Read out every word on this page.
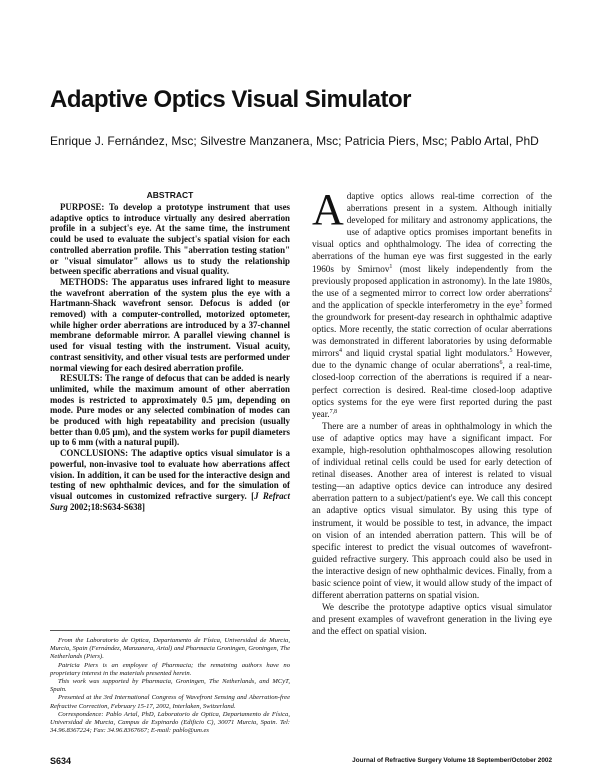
Adaptive Optics Visual Simulator

Enrique J. Fernández, Msc; Silvestre Manzanera, Msc; Patricia Piers, Msc; Pablo Artal, PhD

ABSTRACT

PURPOSE: To develop a prototype instrument that uses adaptive optics to introduce virtually any desired aberration profile in a subject's eye. At the same time, the instrument could be used to evaluate the subject's spatial vision for each controlled aberration profile. This "aberration testing station" or "visual simulator" allows us to study the relationship between specific aberrations and visual quality.

METHODS: The apparatus uses infrared light to measure the wavefront aberration of the system plus the eye with a Hartmann-Shack wavefront sensor. Defocus is added (or removed) with a computer-controlled, motorized optometer, while higher order aberrations are introduced by a 37-channel membrane deformable mirror. A parallel viewing channel is used for visual testing with the instrument. Visual acuity, contrast sensitivity, and other visual tests are performed under normal viewing for each desired aberration profile.

RESULTS: The range of defocus that can be added is nearly unlimited, while the maximum amount of other aberration modes is restricted to approximately 0.5 µm, depending on mode. Pure modes or any selected combination of modes can be produced with high repeatability and precision (usually better than 0.05 µm), and the system works for pupil diameters up to 6 mm (with a natural pupil).

CONCLUSIONS: The adaptive optics visual simulator is a powerful, non-invasive tool to evaluate how aberrations affect vision. In addition, it can be used for the interactive design and testing of new ophthalmic devices, and for the simulation of visual outcomes in customized refractive surgery. [J Refract Surg 2002;18:S634-S638]

From the Laboratorio de Optica, Departamento de Física, Universidad de Murcia, Murcia, Spain (Fernández, Manzanera, Artal) and Pharmacia Groningen, Groningen, The Netherlands (Piers).

Patricia Piers is an employee of Pharmacia; the remaining authors have no proprietary interest in the materials presented herein.

This work was supported by Pharmacia, Groningen, The Netherlands, and MCyT, Spain.

Presented at the 3rd International Congress of Wavefront Sensing and Aberration-free Refractive Correction, February 15-17, 2002, Interlaken, Switzerland.

Correspondence: Pablo Artal, PhD, Laboratorio de Optica, Departamento de Física, Universidad de Murcia, Campus de Espinardo (Edificio C), 30071 Murcia, Spain. Tel: 34.96.8367224; Fax: 34.96.8367667; E-mail: pablo@um.es

Adaptive optics allows real-time correction of the aberrations present in a system. Although initially developed for military and astronomy applications, the use of adaptive optics promises important benefits in visual optics and ophthalmology. The idea of correcting the aberrations of the human eye was first suggested in the early 1960s by Smirnov$^1$ (most likely independently from the previously proposed application in astronomy). In the late 1980s, the use of a segmented mirror to correct low order aberrations$^2$ and the application of speckle interferometry in the eye$^3$ formed the groundwork for present-day research in ophthalmic adaptive optics. More recently, the static correction of ocular aberrations was demonstrated in different laboratories by using deformable mirrors$^4$ and liquid crystal spatial light modulators.$^5$ However, due to the dynamic change of ocular aberrations$^6$, a real-time, closed-loop correction of the aberrations is required if a near-perfect correction is desired. Real-time closed-loop adaptive optics systems for the eye were first reported during the past year.$^{7,8}$

There are a number of areas in ophthalmology in which the use of adaptive optics may have a significant impact. For example, high-resolution ophthalmoscopes allowing resolution of individual retinal cells could be used for early detection of retinal diseases. Another area of interest is related to visual testing—an adaptive optics device can introduce any desired aberration pattern to a subject/patient's eye. We call this concept an adaptive optics visual simulator. By using this type of instrument, it would be possible to test, in advance, the impact on vision of an intended aberration pattern. This will be of specific interest to predict the visual outcomes of wavefront-guided refractive surgery. This approach could also be used in the interactive design of new ophthalmic devices. Finally, from a basic science point of view, it would allow study of the impact of different aberration patterns on spatial vision.

We describe the prototype adaptive optics visual simulator and present examples of wavefront generation in the living eye and the effect on spatial vision.

S634	Journal of Refractive Surgery Volume 18 September/October 2002
